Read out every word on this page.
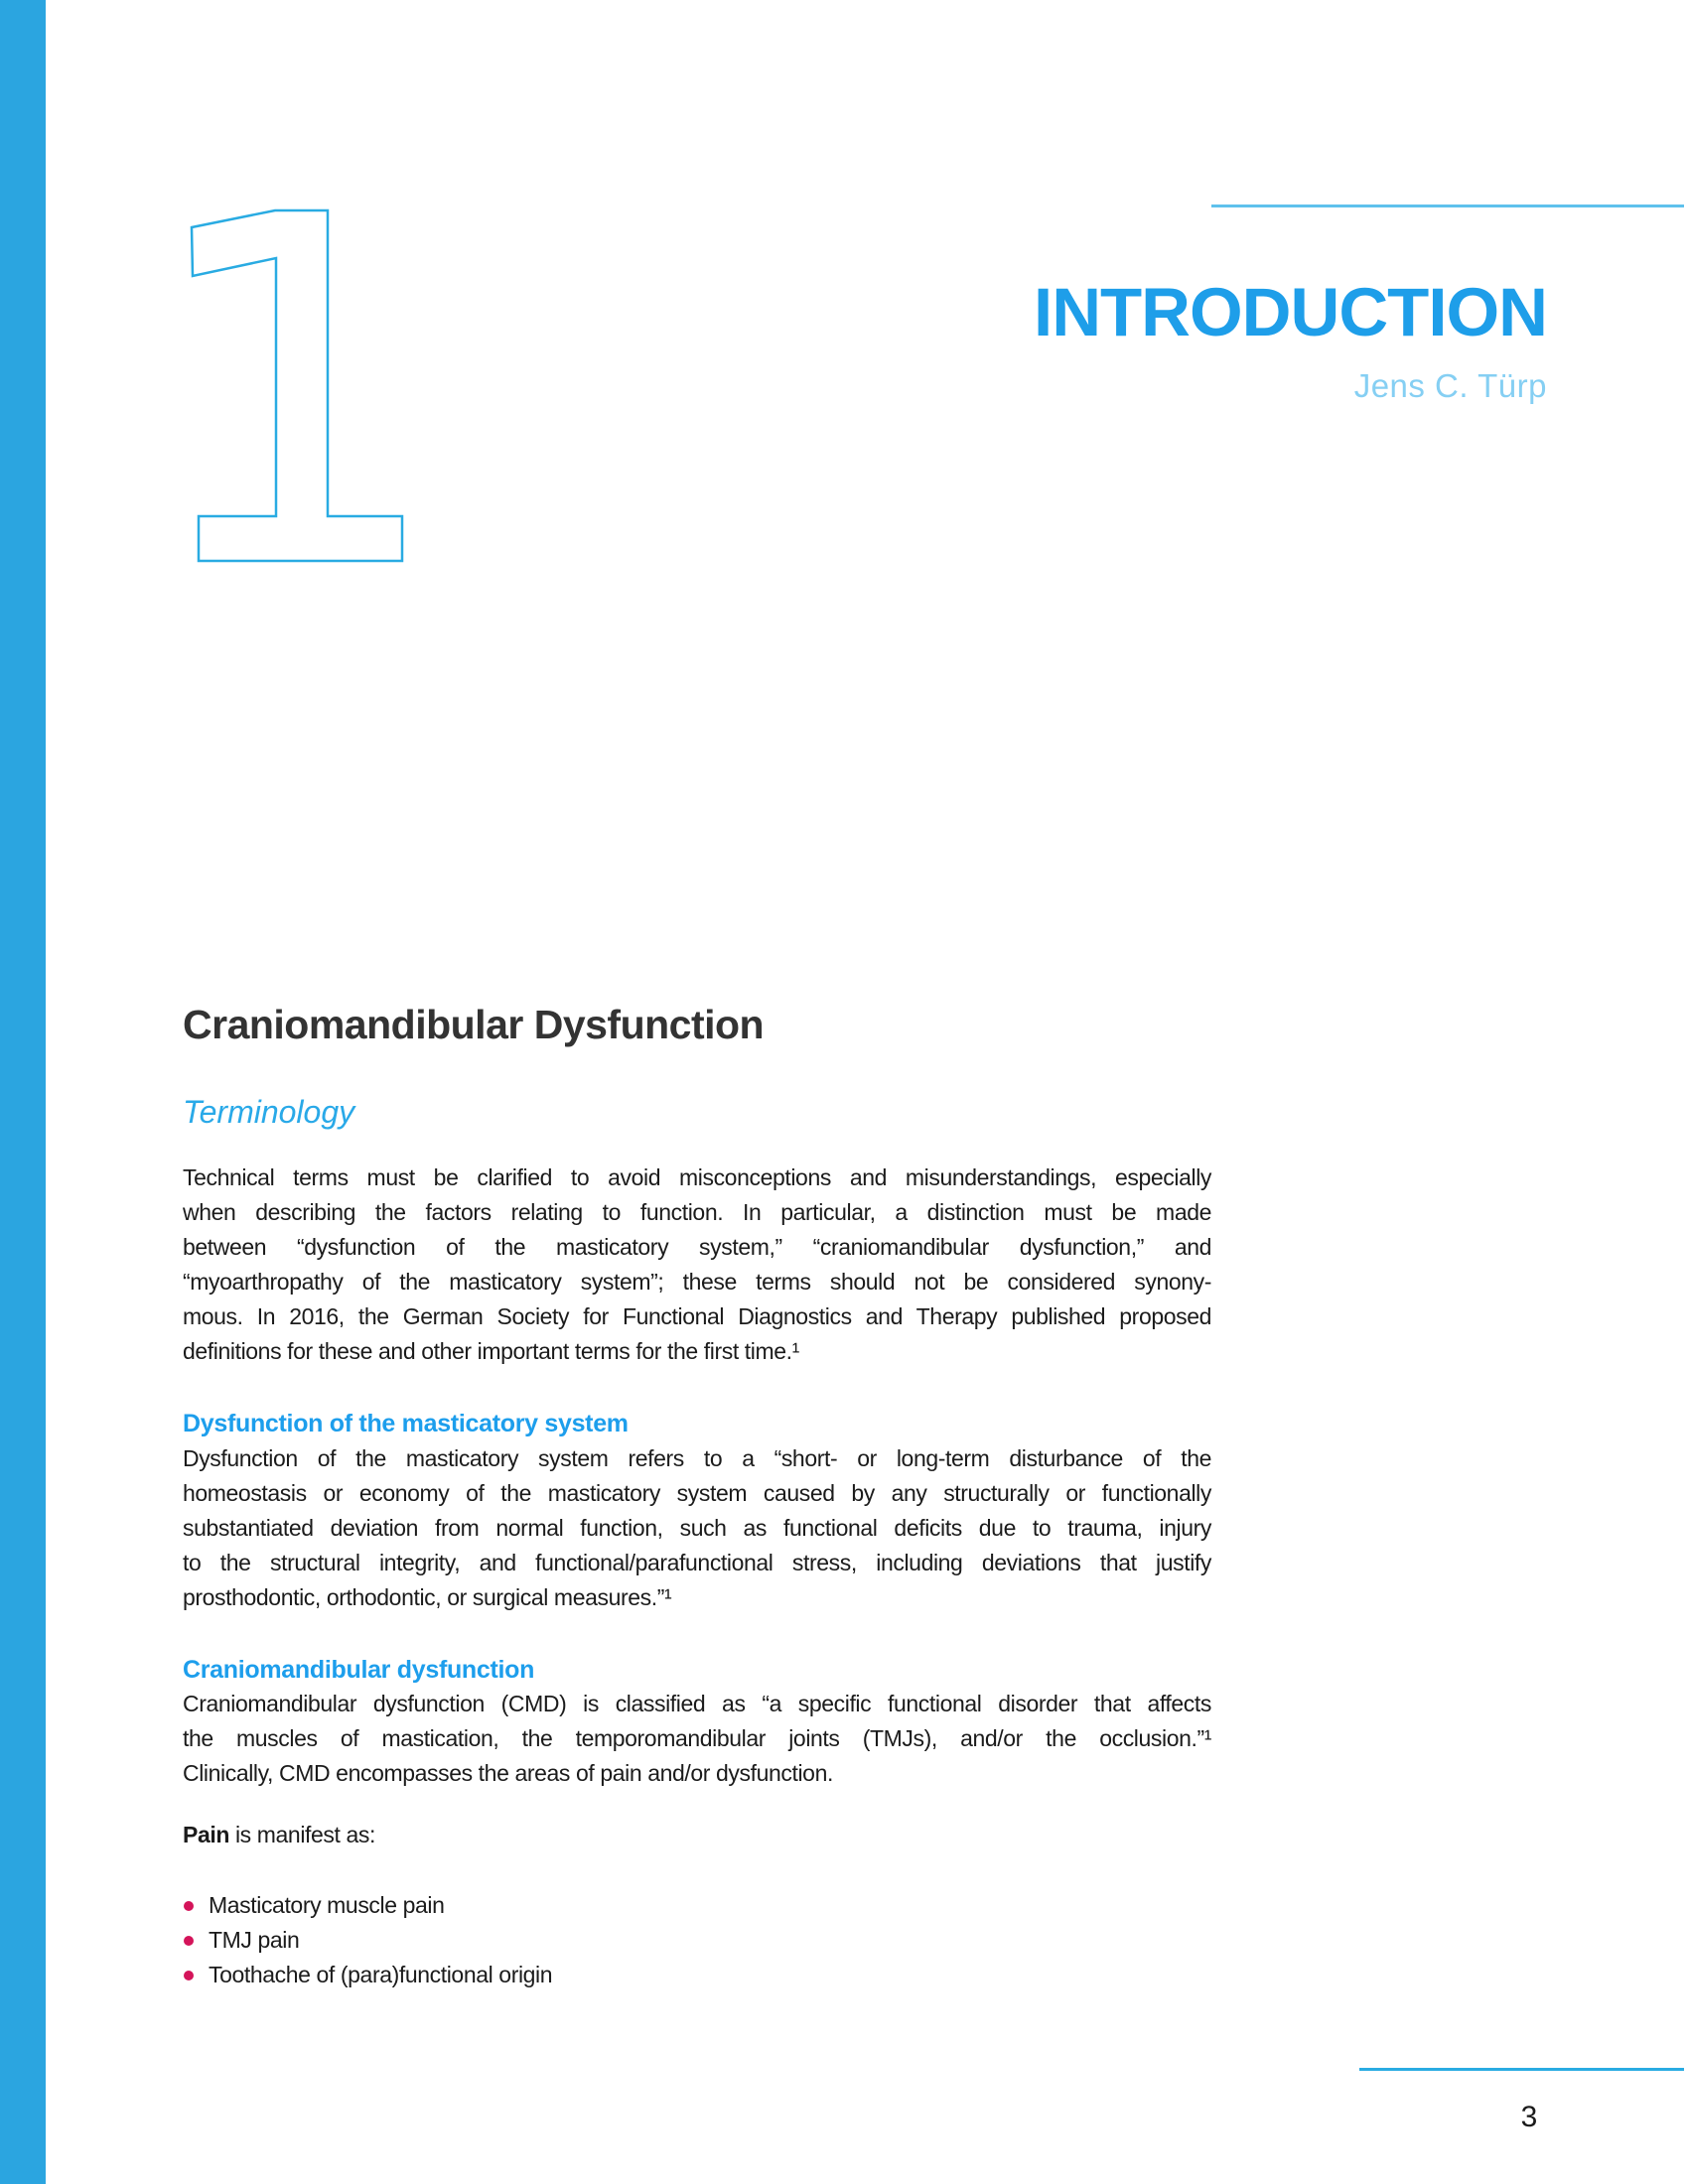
INTRODUCTION
Jens C. Türp
Craniomandibular Dysfunction
Terminology
Technical terms must be clarified to avoid misconceptions and misunderstandings, especially
when describing the factors relating to function. In particular, a distinction must be made
between “dysfunction of the masticatory system,” “craniomandibular dysfunction,” and
“myoarthropathy of the masticatory system”; these terms should not be considered synony-
mous. In 2016, the German Society for Functional Diagnostics and Therapy published proposed
definitions for these and other important terms for the first time.¹
Dysfunction of the masticatory system
Dysfunction of the masticatory system refers to a “short- or long-term disturbance of the
homeostasis or economy of the masticatory system caused by any structurally or functionally
substantiated deviation from normal function, such as functional deficits due to trauma, injury
to the structural integrity, and functional/parafunctional stress, including deviations that justify
prosthodontic, orthodontic, or surgical measures.”¹
Craniomandibular dysfunction
Craniomandibular dysfunction (CMD) is classified as “a specific functional disorder that affects
the muscles of mastication, the temporomandibular joints (TMJs), and/or the occlusion.”¹
Clinically, CMD encompasses the areas of pain and/or dysfunction.
Pain is manifest as:
Masticatory muscle pain
TMJ pain
Toothache of (para)functional origin
3
